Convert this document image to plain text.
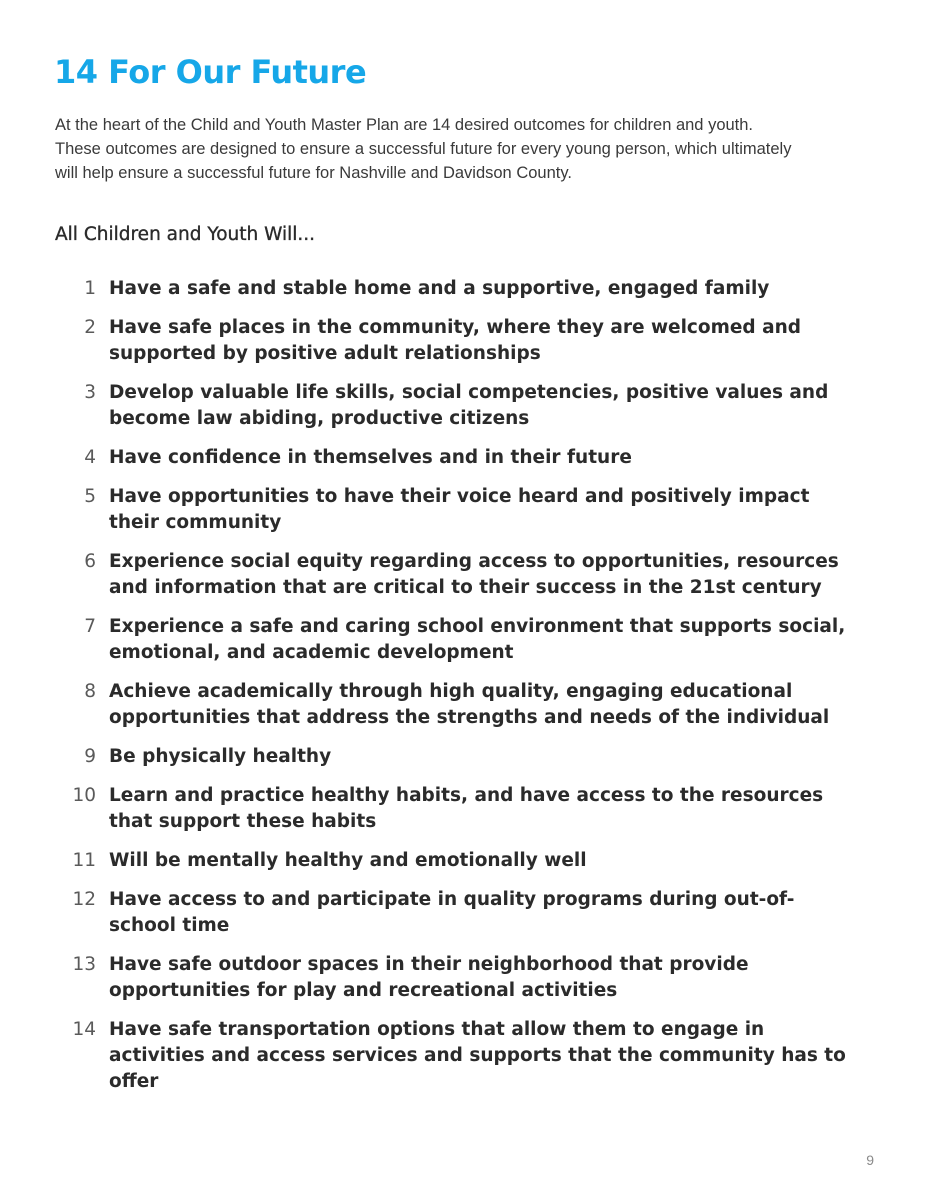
14 For Our Future

At the heart of the Child and Youth Master Plan are 14 desired outcomes for children and youth.
These outcomes are designed to ensure a successful future for every young person, which ultimately
will help ensure a successful future for Nashville and Davidson County.

All Children and Youth Will...
1 Have a safe and stable home and a supportive, engaged family
2 Have safe places in the community, where they are welcomed and
supported by positive adult relationships
3 Develop valuable life skills, social competencies, positive values and
become law abiding, productive citizens
4 Have confidence in themselves and in their future
5 Have opportunities to have their voice heard and positively impact
their community
6 Experience social equity regarding access to opportunities, resources
and information that are critical to their success in the 21st century
7 Experience a safe and caring school environment that supports social,
emotional, and academic development
8 Achieve academically through high quality, engaging educational
opportunities that address the strengths and needs of the individual
9 Be physically healthy
10 Learn and practice healthy habits, and have access to the resources
that support these habits
11 Will be mentally healthy and emotionally well
12 Have access to and participate in quality programs during out-of-
school time
13 Have safe outdoor spaces in their neighborhood that provide
opportunities for play and recreational activities
14 Have safe transportation options that allow them to engage in
activities and access services and supports that the community has to
offer
9
